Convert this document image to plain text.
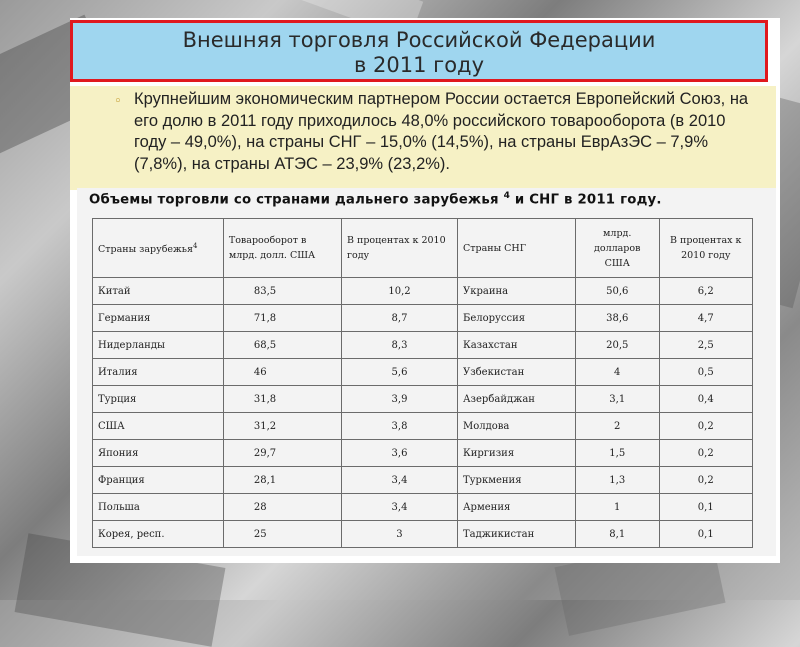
Внешняя торговля Российской Федерации
в 2011 году
◦ Крупнейшим экономическим партнером России остается Европейский Союз, на его долю в 2011 году приходилось 48,0% российского товарооборота (в 2010 году – 49,0%), на страны СНГ – 15,0% (14,5%), на страны ЕврАзЭС – 7,9% (7,8%), на страны АТЭС – 23,9% (23,2%).
Объемы торговли со странами дальнего зарубежья $^4$ и СНГ в 2011 году.
Страны зарубежья$^4$	Товарооборот в млрд. долл. США	В процентах к 2010 году	Страны СНГ	млрд. долларов США	В процентах к 2010 году
Китай	83,5	10,2	Украина	50,6	6,2
Германия	71,8	8,7	Белоруссия	38,6	4,7
Нидерланды	68,5	8,3	Казахстан	20,5	2,5
Италия	46	5,6	Узбекистан	4	0,5
Турция	31,8	3,9	Азербайджан	3,1	0,4
США	31,2	3,8	Молдова	2	0,2
Япония	29,7	3,6	Киргизия	1,5	0,2
Франция	28,1	3,4	Туркмения	1,3	0,2
Польша	28	3,4	Армения	1	0,1
Корея, респ.	25	3	Таджикистан	8,1	0,1
